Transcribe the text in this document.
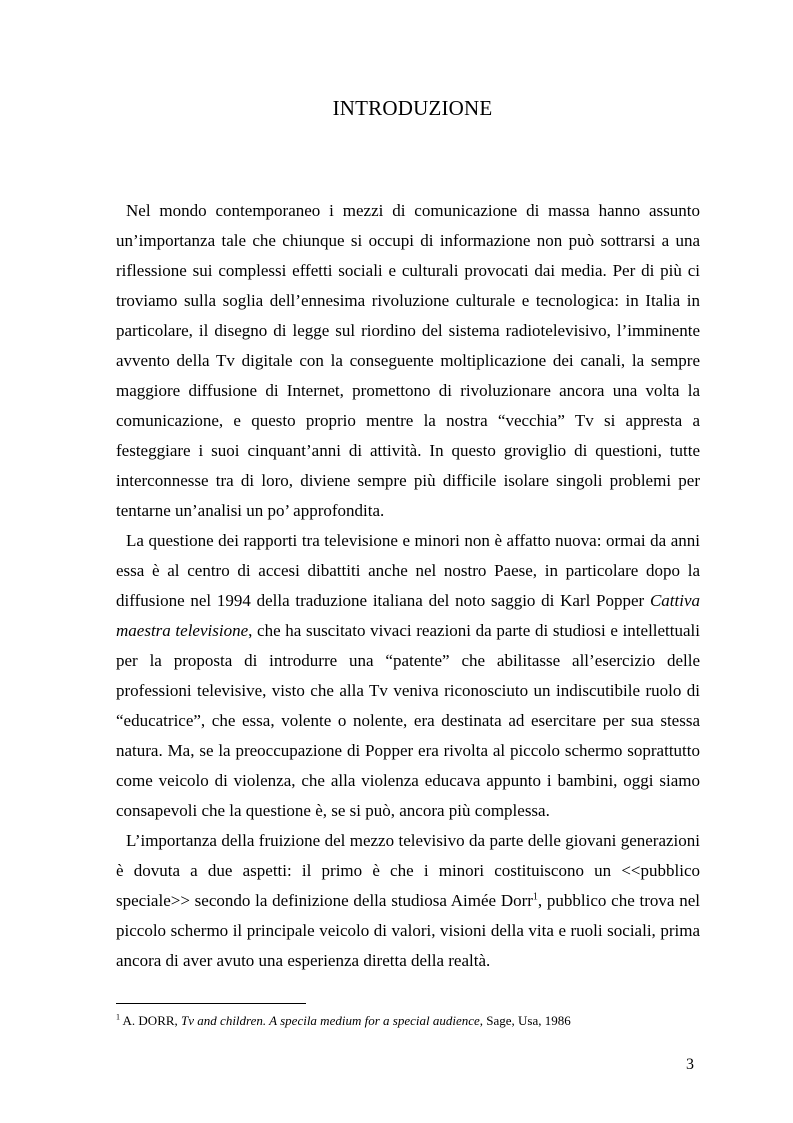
INTRODUZIONE

Nel mondo contemporaneo i mezzi di comunicazione di massa hanno assunto un’importanza tale che chiunque si occupi di informazione non può sottrarsi a una riflessione sui complessi effetti sociali e culturali provocati dai media. Per di più ci troviamo sulla soglia dell’ennesima rivoluzione culturale e tecnologica: in Italia in particolare, il disegno di legge sul riordino del sistema radiotelevisivo, l’imminente avvento della Tv digitale con la conseguente moltiplicazione dei canali, la sempre maggiore diffusione di Internet, promettono di rivoluzionare ancora una volta la comunicazione, e questo proprio mentre la nostra “vecchia” Tv si appresta a festeggiare i suoi cinquant’anni di attività. In questo groviglio di questioni, tutte interconnesse tra di loro, diviene sempre più difficile isolare singoli problemi per tentarne un’analisi un po’ approfondita.

La questione dei rapporti tra televisione e minori non è affatto nuova: ormai da anni essa è al centro di accesi dibattiti anche nel nostro Paese, in particolare dopo la diffusione nel 1994 della traduzione italiana del noto saggio di Karl Popper Cattiva maestra televisione, che ha suscitato vivaci reazioni da parte di studiosi e intellettuali per la proposta di introdurre una “patente” che abilitasse all’esercizio delle professioni televisive, visto che alla Tv veniva riconosciuto un indiscutibile ruolo di “educatrice”, che essa, volente o nolente, era destinata ad esercitare per sua stessa natura. Ma, se la preoccupazione di Popper era rivolta al piccolo schermo soprattutto come veicolo di violenza, che alla violenza educava appunto i bambini, oggi siamo consapevoli che la questione è, se si può, ancora più complessa.

L’importanza della fruizione del mezzo televisivo da parte delle giovani generazioni è dovuta a due aspetti: il primo è che i minori costituiscono un <<pubblico speciale>> secondo la definizione della studiosa Aimée Dorr$^1$, pubblico che trova nel piccolo schermo il principale veicolo di valori, visioni della vita e ruoli sociali, prima ancora di aver avuto una esperienza diretta della realtà.

$^1$ A. DORR, Tv and children. A specila medium for a special audience, Sage, Usa, 1986
3
